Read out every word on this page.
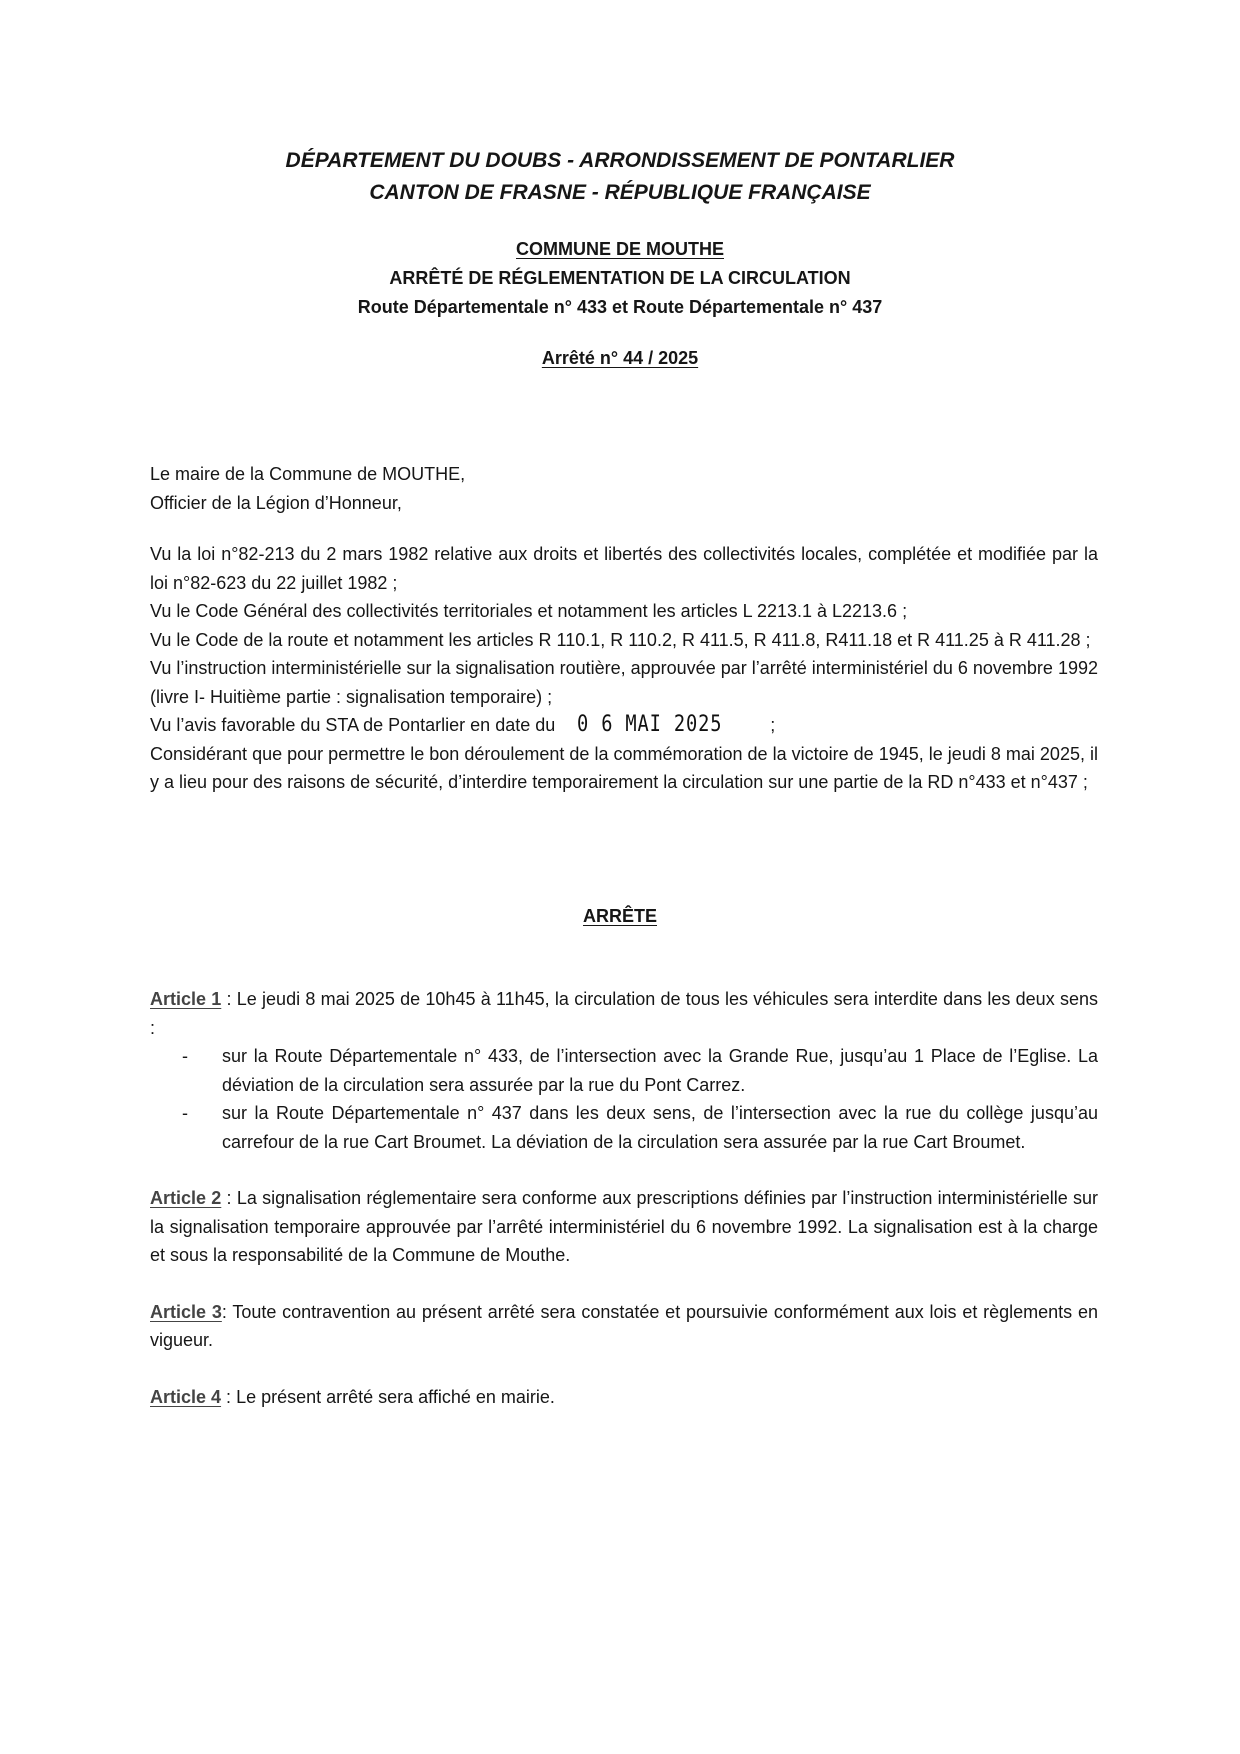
DÉPARTEMENT DU DOUBS - ARRONDISSEMENT DE PONTARLIER
CANTON DE FRASNE - RÉPUBLIQUE FRANÇAISE
COMMUNE DE MOUTHE
ARRÊTÉ DE RÉGLEMENTATION DE LA CIRCULATION
Route Départementale n° 433 et Route Départementale n° 437
Arrêté n° 44 / 2025

Le maire de la Commune de MOUTHE,

Officier de la Légion d’Honneur,

Vu la loi n°82-213 du 2 mars 1982 relative aux droits et libertés des collectivités locales, complétée et modifiée par la loi n°82-623 du 22 juillet 1982 ;

Vu le Code Général des collectivités territoriales et notamment les articles L 2213.1 à L2213.6 ;

Vu le Code de la route et notamment les articles R 110.1, R 110.2, R 411.5, R 411.8, R411.18 et R 411.25 à R 411.28 ;

Vu l’instruction interministérielle sur la signalisation routière, approuvée par l’arrêté interministériel du 6 novembre 1992 (livre I- Huitième partie : signalisation temporaire) ;

Vu l’avis favorable du STA de Pontarlier en date du 0 6 MAI 2025	;

Considérant que pour permettre le bon déroulement de la commémoration de la victoire de 1945, le jeudi 8 mai 2025, il y a lieu pour des raisons de sécurité, d’interdire temporairement la circulation sur une partie de la RD n°433 et n°437 ;

ARRÊTE
Article 1 : Le jeudi 8 mai 2025 de 10h45 à 11h45, la circulation de tous les véhicules sera interdite dans les deux sens :
- sur la Route Départementale n° 433, de l’intersection avec la Grande Rue, jusqu’au 1 Place de l’Eglise. La déviation de la circulation sera assurée par la rue du Pont Carrez.
- sur la Route Départementale n° 437 dans les deux sens, de l’intersection avec la rue du collège jusqu’au carrefour de la rue Cart Broumet. La déviation de la circulation sera assurée par la rue Cart Broumet.
Article 2 : La signalisation réglementaire sera conforme aux prescriptions définies par l’instruction interministérielle sur la signalisation temporaire approuvée par l’arrêté interministériel du 6 novembre 1992. La signalisation est à la charge et sous la responsabilité de la Commune de Mouthe.
Article 3: Toute contravention au présent arrêté sera constatée et poursuivie conformément aux lois et règlements en vigueur.
Article 4 : Le présent arrêté sera affiché en mairie.
